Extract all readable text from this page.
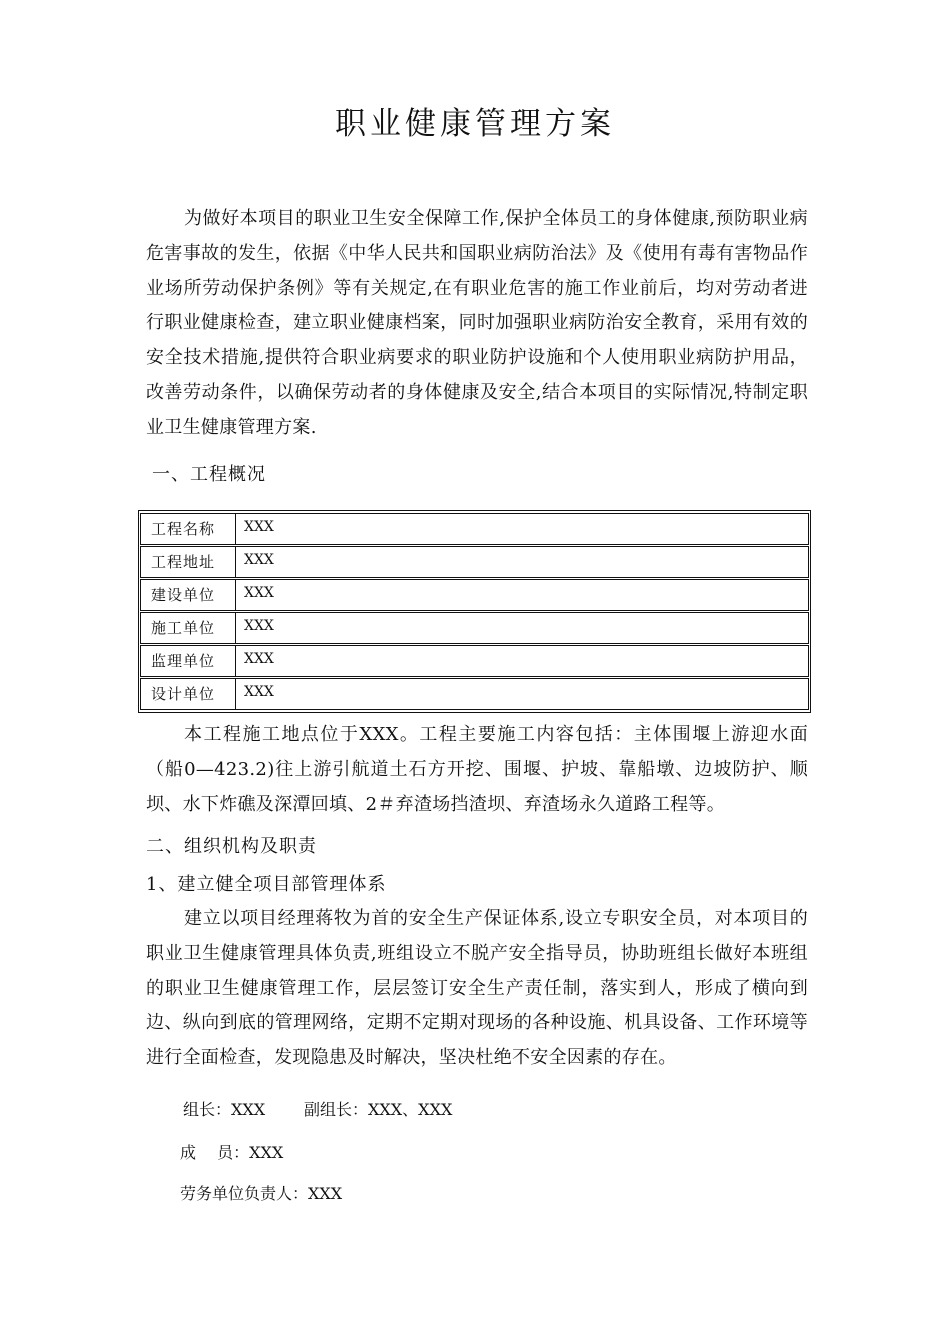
职业健康管理方案

为做好本项目的职业卫生安全保障工作,保护全体员工的身体健康,预防职业病危害事故的发生，依据《中华人民共和国职业病防治法》及《使用有毒有害物品作业场所劳动保护条例》等有关规定,在有职业危害的施工作业前后，均对劳动者进行职业健康检查，建立职业健康档案，同时加强职业病防治安全教育，采用有效的安全技术措施,提供符合职业病要求的职业防护设施和个人使用职业病防护用品，改善劳动条件，以确保劳动者的身体健康及安全,结合本项目的实际情况,特制定职业卫生健康管理方案.

一、工程概况
工程名称	XXX
工程地址	XXX
建设单位	XXX
施工单位	XXX
监理单位	XXX
设计单位	XXX

本工程施工地点位于XXX。工程主要施工内容包括：主体围堰上游迎水面（船0—423.2)往上游引航道土石方开挖、围堰、护坡、靠船墩、边坡防护、顺坝、水下炸礁及深潭回填、2＃弃渣场挡渣坝、弃渣场永久道路工程等。

二、组织机构及职责
1、建立健全项目部管理体系

建立以项目经理蒋牧为首的安全生产保证体系,设立专职安全员，对本项目的职业卫生健康管理具体负责,班组设立不脱产安全指导员，协助班组长做好本班组的职业卫生健康管理工作，层层签订安全生产责任制，落实到人，形成了横向到边、纵向到底的管理网络，定期不定期对现场的各种设施、机具设备、工作环境等进行全面检查，发现隐患及时解决，坚决杜绝不安全因素的存在。

组长：XXX 副组长：XXX、XXX

成　 员：XXX

劳务单位负责人：XXX
